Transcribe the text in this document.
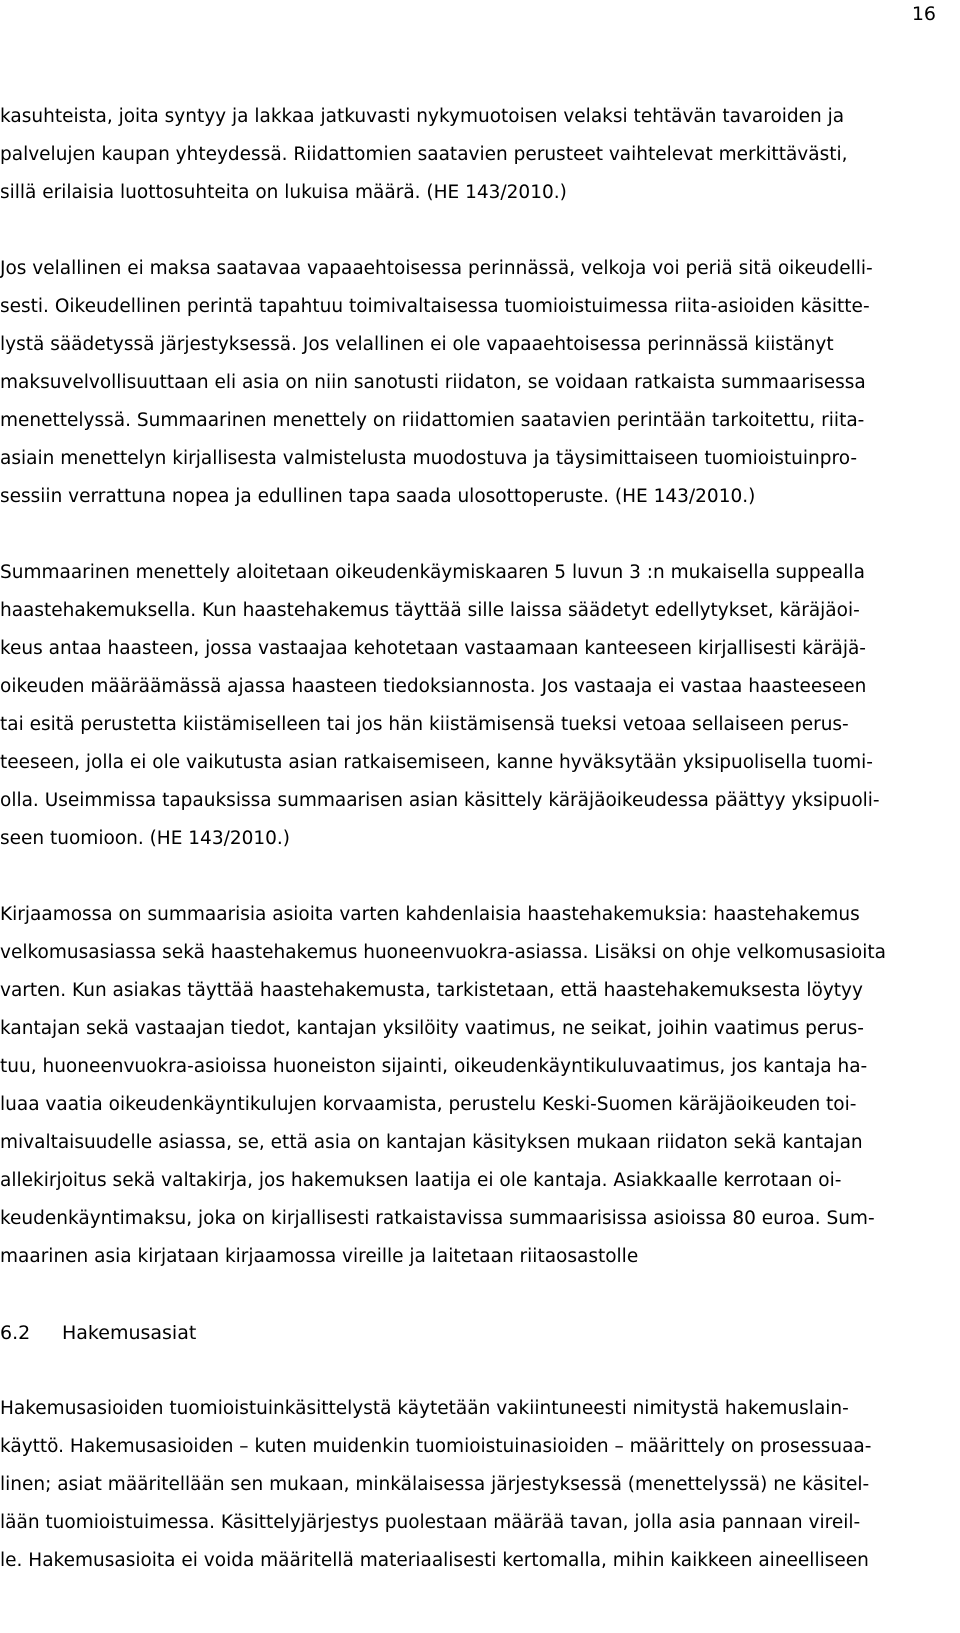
16
kasuhteista, joita syntyy ja lakkaa jatkuvasti nykymuotoisen velaksi tehtävän tavaroiden ja
palvelujen kaupan yhteydessä. Riidattomien saatavien perusteet vaihtelevat merkittävästi,
sillä erilaisia luottosuhteita on lukuisa määrä. (HE 143/2010.)
Jos velallinen ei maksa saatavaa vapaaehtoisessa perinnässä, velkoja voi periä sitä oikeudelli-
sesti. Oikeudellinen perintä tapahtuu toimivaltaisessa tuomioistuimessa riita-asioiden käsitte-
lystä säädetyssä järjestyksessä. Jos velallinen ei ole vapaaehtoisessa perinnässä kiistänyt
maksuvelvollisuuttaan eli asia on niin sanotusti riidaton, se voidaan ratkaista summaarisessa
menettelyssä. Summaarinen menettely on riidattomien saatavien perintään tarkoitettu, riita-
asiain menettelyn kirjallisesta valmistelusta muodostuva ja täysimittaiseen tuomioistuinpro-
sessiin verrattuna nopea ja edullinen tapa saada ulosottoperuste. (HE 143/2010.)
Summaarinen menettely aloitetaan oikeudenkäymiskaaren 5 luvun 3 :n mukaisella suppealla
haastehakemuksella. Kun haastehakemus täyttää sille laissa säädetyt edellytykset, käräjäoi-
keus antaa haasteen, jossa vastaajaa kehotetaan vastaamaan kanteeseen kirjallisesti käräjä-
oikeuden määräämässä ajassa haasteen tiedoksiannosta. Jos vastaaja ei vastaa haasteeseen
tai esitä perustetta kiistämiselleen tai jos hän kiistämisensä tueksi vetoaa sellaiseen perus-
teeseen, jolla ei ole vaikutusta asian ratkaisemiseen, kanne hyväksytään yksipuolisella tuomi-
olla. Useimmissa tapauksissa summaarisen asian käsittely käräjäoikeudessa päättyy yksipuoli-
seen tuomioon. (HE 143/2010.)
Kirjaamossa on summaarisia asioita varten kahdenlaisia haastehakemuksia: haastehakemus
velkomusasiassa sekä haastehakemus huoneenvuokra-asiassa. Lisäksi on ohje velkomusasioita
varten. Kun asiakas täyttää haastehakemusta, tarkistetaan, että haastehakemuksesta löytyy
kantajan sekä vastaajan tiedot, kantajan yksilöity vaatimus, ne seikat, joihin vaatimus perus-
tuu, huoneenvuokra-asioissa huoneiston sijainti, oikeudenkäyntikuluvaatimus, jos kantaja ha-
luaa vaatia oikeudenkäyntikulujen korvaamista, perustelu Keski-Suomen käräjäoikeuden toi-
mivaltaisuudelle asiassa, se, että asia on kantajan käsityksen mukaan riidaton sekä kantajan
allekirjoitus sekä valtakirja, jos hakemuksen laatija ei ole kantaja. Asiakkaalle kerrotaan oi-
keudenkäyntimaksu, joka on kirjallisesti ratkaistavissa summaarisissa asioissa 80 euroa. Sum-
maarinen asia kirjataan kirjaamossa vireille ja laitetaan riitaosastolle
6.2	Hakemusasiat
Hakemusasioiden tuomioistuinkäsittelystä käytetään vakiintuneesti nimitystä hakemuslain-
käyttö. Hakemusasioiden – kuten muidenkin tuomioistuinasioiden – määrittely on prosessuaa-
linen; asiat määritellään sen mukaan, minkälaisessa järjestyksessä (menettelyssä) ne käsitel-
lään tuomioistuimessa. Käsittelyjärjestys puolestaan määrää tavan, jolla asia pannaan vireil-
le. Hakemusasioita ei voida määritellä materiaalisesti kertomalla, mihin kaikkeen aineelliseen
